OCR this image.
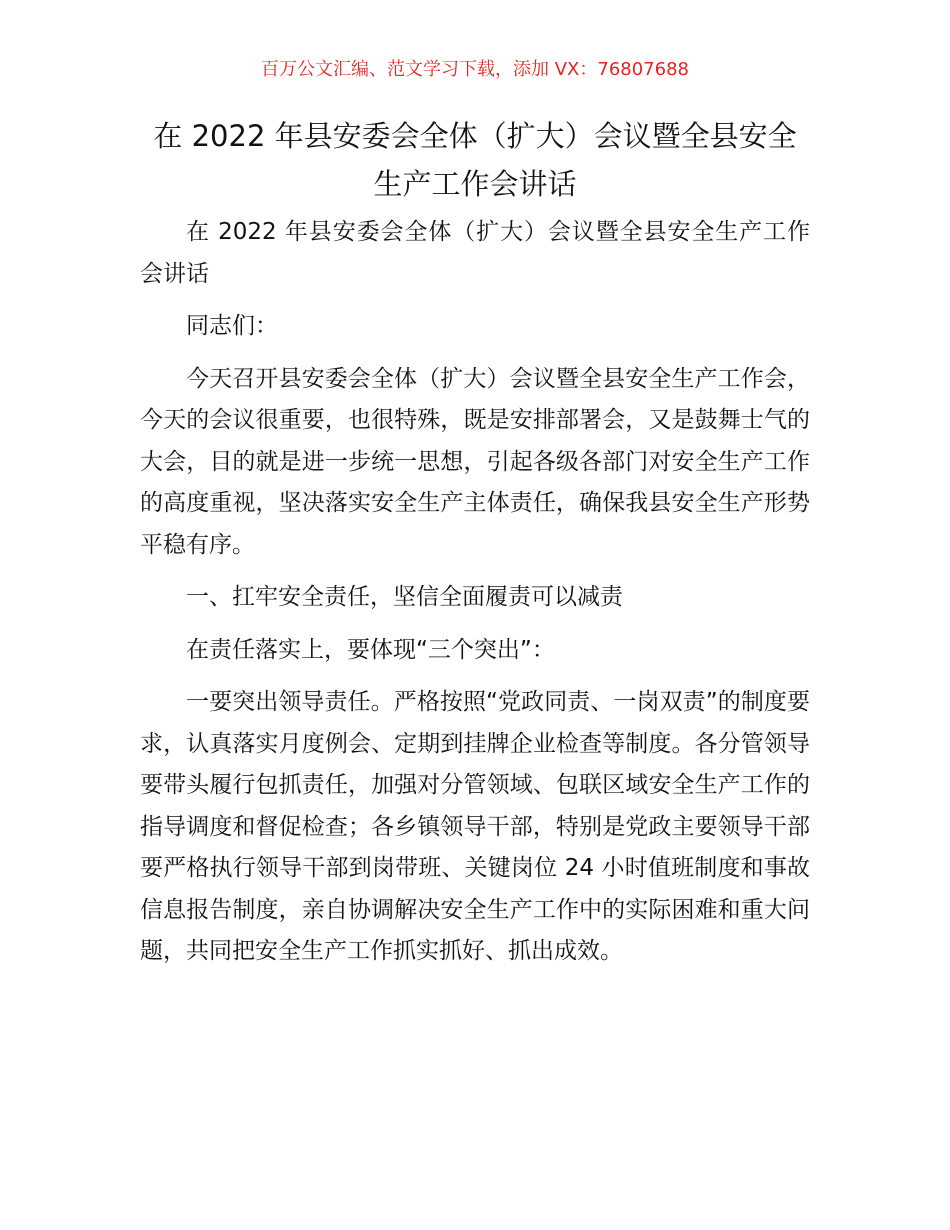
百万公文汇编、范文学习下载，添加 VX：76807688
在 2022 年县安委会全体（扩大）会议暨全县安全生产工作会讲话

在 2022 年县安委会全体（扩大）会议暨全县安全生产工作会讲话

同志们：

今天召开县安委会全体（扩大）会议暨全县安全生产工作会，今天的会议很重要，也很特殊，既是安排部署会，又是鼓舞士气的大会，目的就是进一步统一思想，引起各级各部门对安全生产工作的高度重视，坚决落实安全生产主体责任，确保我县安全生产形势平稳有序。

一、扛牢安全责任，坚信全面履责可以减责

在责任落实上，要体现“三个突出”：

一要突出领导责任。严格按照“党政同责、一岗双责”的制度要求，认真落实月度例会、定期到挂牌企业检查等制度。各分管领导要带头履行包抓责任，加强对分管领域、包联区域安全生产工作的指导调度和督促检查；各乡镇领导干部，特别是党政主要领导干部要严格执行领导干部到岗带班、关键岗位 24 小时值班制度和事故信息报告制度，亲自协调解决安全生产工作中的实际困难和重大问题，共同把安全生产工作抓实抓好、抓出成效。
